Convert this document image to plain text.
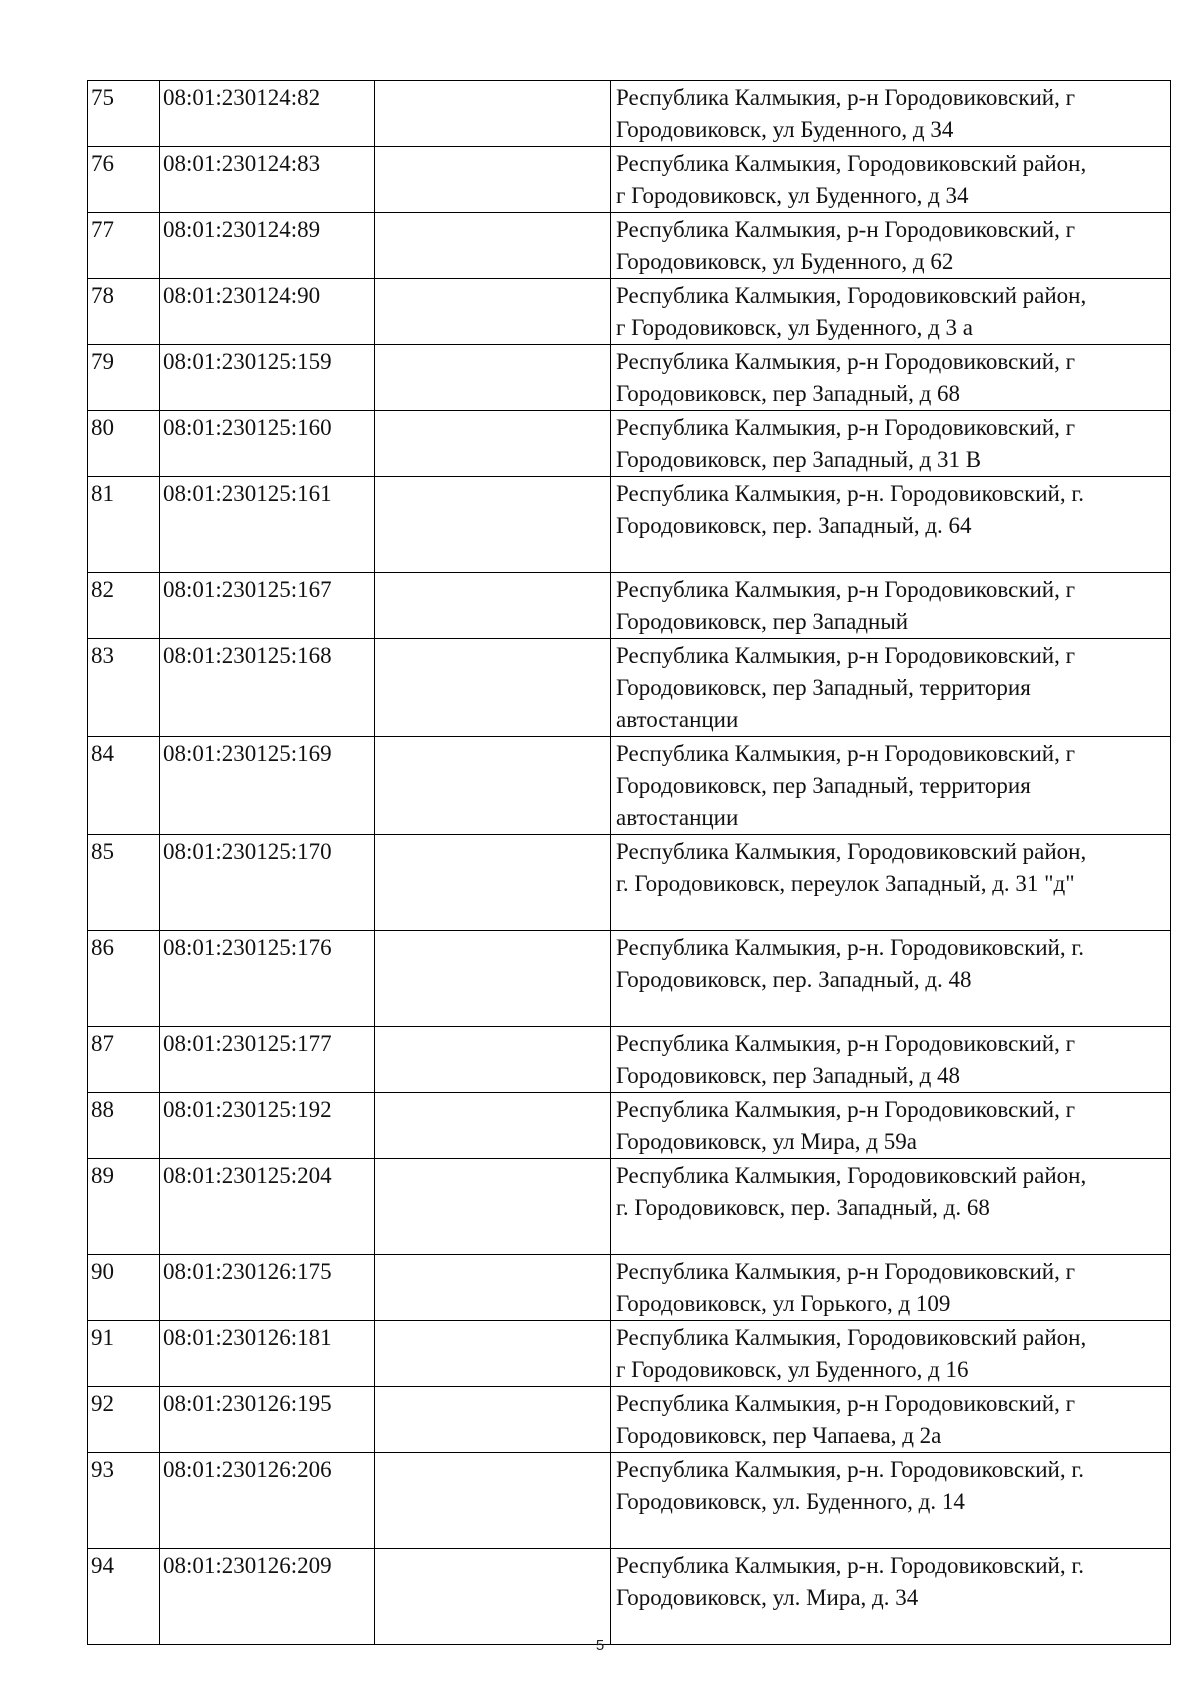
75	08:01:230124:82		Республика Калмыкия, р-н Городовиковский, г
Городовиковск, ул Буденного, д 34

76	08:01:230124:83		Республика Калмыкия, Городовиковский район,
г Городовиковск, ул Буденного, д 34

77	08:01:230124:89		Республика Калмыкия, р-н Городовиковский, г
Городовиковск, ул Буденного, д 62

78	08:01:230124:90		Республика Калмыкия, Городовиковский район,
г Городовиковск, ул Буденного, д 3 а

79	08:01:230125:159		Республика Калмыкия, р-н Городовиковский, г
Городовиковск, пер Западный, д 68

80	08:01:230125:160		Республика Калмыкия, р-н Городовиковский, г
Городовиковск, пер Западный, д 31 В

81	08:01:230125:161		Республика Калмыкия, р-н. Городовиковский, г.
Городовиковск, пер. Западный, д. 64

82	08:01:230125:167		Республика Калмыкия, р-н Городовиковский, г
Городовиковск, пер Западный

83	08:01:230125:168		Республика Калмыкия, р-н Городовиковский, г
Городовиковск, пер Западный, территория
автостанции

84	08:01:230125:169		Республика Калмыкия, р-н Городовиковский, г
Городовиковск, пер Западный, территория
автостанции

85	08:01:230125:170		Республика Калмыкия, Городовиковский район,
г. Городовиковск, переулок Западный, д. 31 "д"

86	08:01:230125:176		Республика Калмыкия, р-н. Городовиковский, г.
Городовиковск, пер. Западный, д. 48

87	08:01:230125:177		Республика Калмыкия, р-н Городовиковский, г
Городовиковск, пер Западный, д 48

88	08:01:230125:192		Республика Калмыкия, р-н Городовиковский, г
Городовиковск, ул Мира, д 59а

89	08:01:230125:204		Республика Калмыкия, Городовиковский район,
г. Городовиковск, пер. Западный, д. 68

90	08:01:230126:175		Республика Калмыкия, р-н Городовиковский, г
Городовиковск, ул Горького, д 109

91	08:01:230126:181		Республика Калмыкия, Городовиковский район,
г Городовиковск, ул Буденного, д 16

92	08:01:230126:195		Республика Калмыкия, р-н Городовиковский, г
Городовиковск, пер Чапаева, д 2а

93	08:01:230126:206		Республика Калмыкия, р-н. Городовиковский, г.
Городовиковск, ул. Буденного, д. 14

94	08:01:230126:209		Республика Калмыкия, р-н. Городовиковский, г.
Городовиковск, ул. Мира, д. 34
5
